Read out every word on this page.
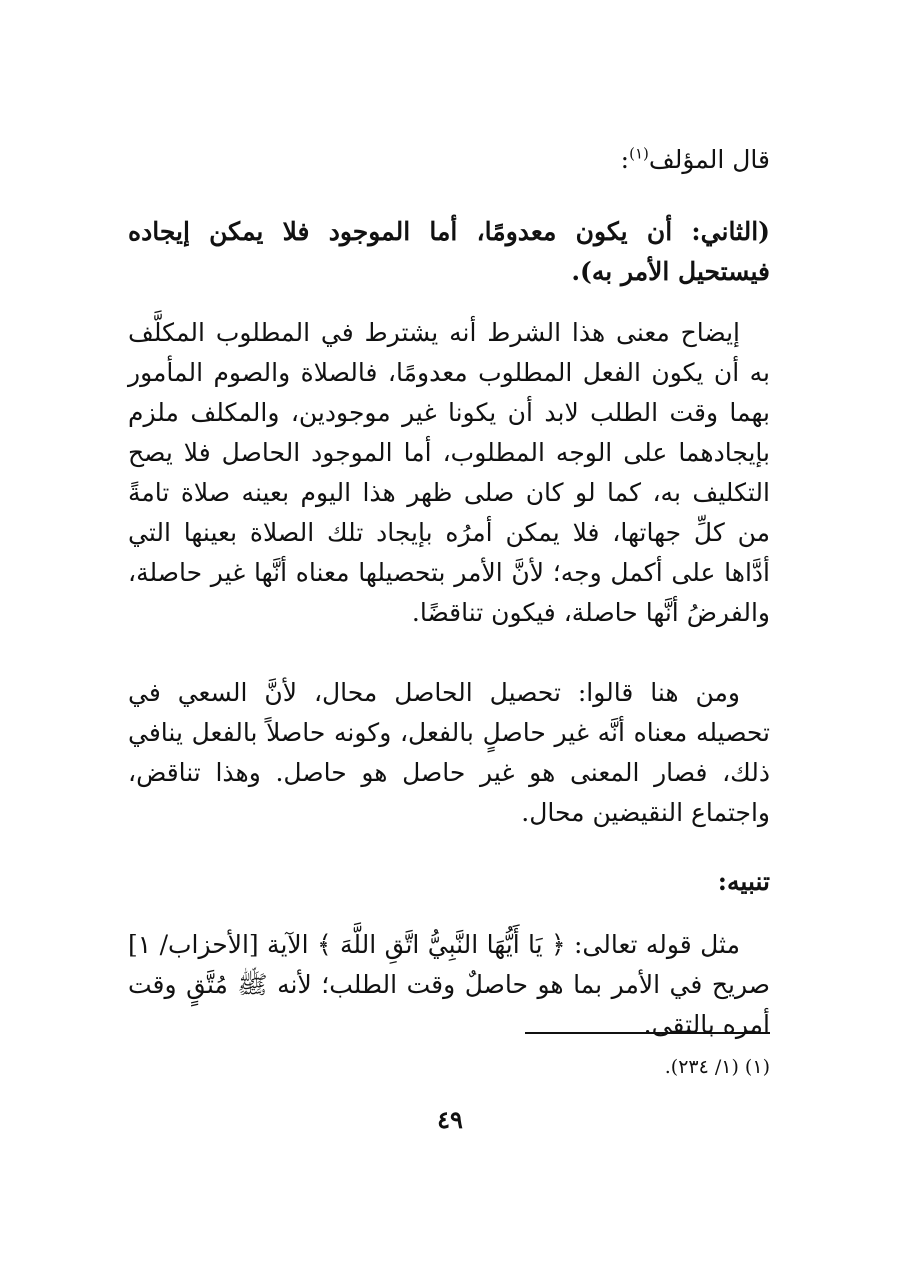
قال المؤلف$^{(١)}$:
(الثاني: أن يكون معدومًا، أما الموجود فلا يمكن إيجاده فيستحيل الأمر به).
إيضاح معنى هذا الشرط أنه يشترط في المطلوب المكلَّف به أن يكون الفعل المطلوب معدومًا، فالصلاة والصوم المأمور بهما وقت الطلب لابد أن يكونا غير موجودين، والمكلف ملزم بإيجادهما على الوجه المطلوب، أما الموجود الحاصل فلا يصح التكليف به، كما لو كان صلى ظهر هذا اليوم بعينه صلاة تامةً من كلِّ جهاتها، فلا يمكن أمرُه بإيجاد تلك الصلاة بعينها التي أدَّاها على أكمل وجه؛ لأنَّ الأمر بتحصيلها معناه أنَّها غير حاصلة، والفرضُ أنَّها حاصلة، فيكون تناقضًا.
ومن هنا قالوا: تحصيل الحاصل محال، لأنَّ السعي في تحصيله معناه أنَّه غير حاصلٍ بالفعل، وكونه حاصلاً بالفعل ينافي ذلك، فصار المعنى هو غير حاصل هو حاصل. وهذا تناقض، واجتماع النقيضين محال.
تنبيه:
مثل قوله تعالى: ﴿ يَا أَيُّهَا النَّبِيُّ اتَّقِ اللَّهَ ﴾ الآية [الأحزاب/ ١] صريح في الأمر بما هو حاصلٌ وقت الطلب؛ لأنه ﷺ مُتَّقٍ وقت أمره بالتقى.
(١) (١/ ٢٣٤).
٤٩
